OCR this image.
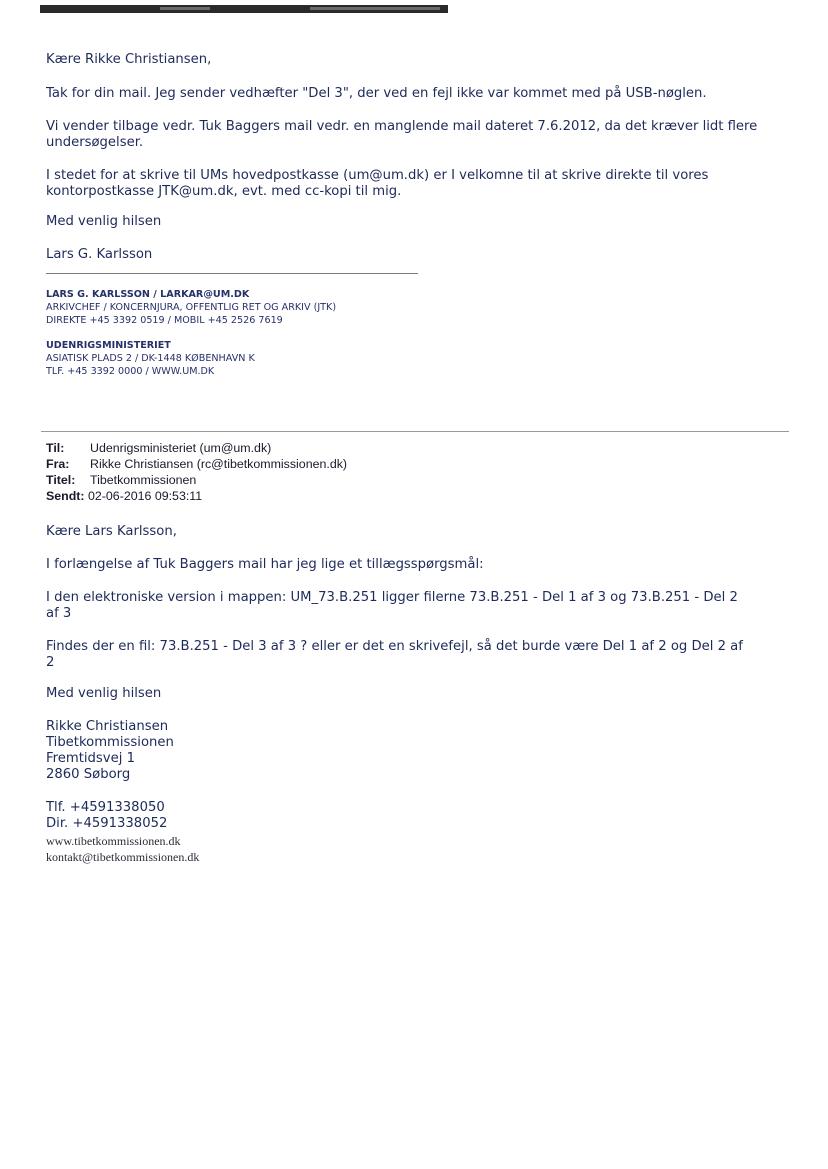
Kære Rikke Christiansen,
Tak for din mail. Jeg sender vedhæfter "Del 3", der ved en fejl ikke var kommet med på USB-nøglen.
Vi vender tilbage vedr. Tuk Baggers mail vedr. en manglende mail dateret 7.6.2012, da det kræver lidt flere
undersøgelser.
I stedet for at skrive til UMs hovedpostkasse (um@um.dk) er I velkomne til at skrive direkte til vores
kontorpostkasse JTK@um.dk, evt. med cc-kopi til mig.
Med venlig hilsen
Lars G. Karlsson
LARS G. KARLSSON / LARKAR@UM.DK
ARKIVCHEF / KONCERNJURA, OFFENTLIG RET OG ARKIV (JTK)
DIREKTE +45 3392 0519 / MOBIL +45 2526 7619
UDENRIGSMINISTERIET
ASIATISK PLADS 2 / DK-1448 KØBENHAVN K
TLF. +45 3392 0000 / WWW.UM.DK
Til: Udenrigsministeriet (um@um.dk)
Fra: Rikke Christiansen (rc@tibetkommissionen.dk)
Titel: Tibetkommissionen
Sendt: 02-06-2016 09:53:11
Kære Lars Karlsson,
I forlængelse af Tuk Baggers mail har jeg lige et tillægsspørgsmål:
I den elektroniske version i mappen: UM_73.B.251 ligger filerne 73.B.251 - Del 1 af 3 og 73.B.251 - Del 2
af 3
Findes der en fil: 73.B.251 - Del 3 af 3 ? eller er det en skrivefejl, så det burde være Del 1 af 2 og Del 2 af
2
Med venlig hilsen
Rikke Christiansen
Tibetkommissionen
Fremtidsvej 1
2860 Søborg
Tlf. +4591338050
Dir. +4591338052
www.tibetkommissionen.dk
kontakt@tibetkommissionen.dk
